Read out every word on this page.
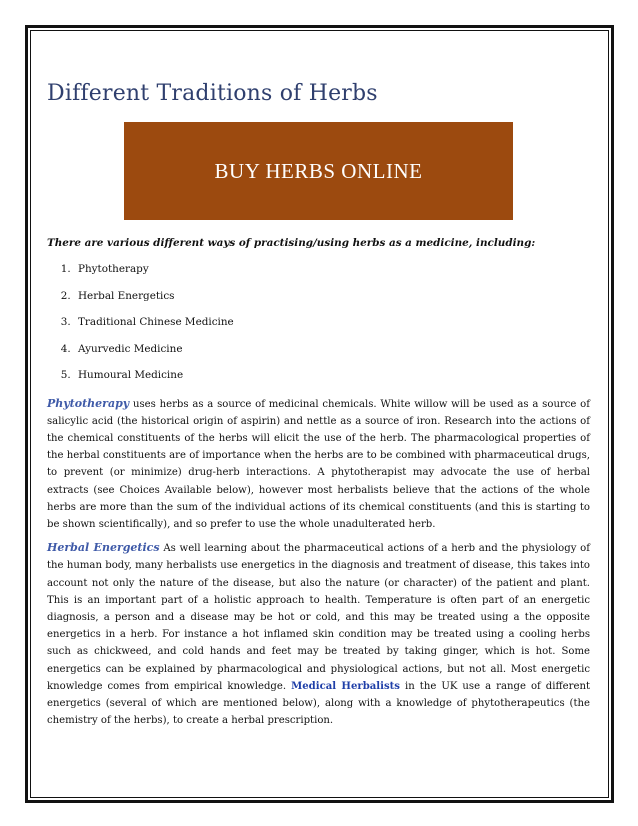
Different Traditions of Herbs
BUY HERBS ONLINE
There are various different ways of practising/using herbs as a medicine, including:
1. Phytotherapy
2. Herbal Energetics
3. Traditional Chinese Medicine
4. Ayurvedic Medicine
5. Humoural Medicine

Phytotherapy uses herbs as a source of medicinal chemicals. White willow will be used as a source of salicylic acid (the historical origin of aspirin) and nettle as a source of iron. Research into the actions of the chemical constituents of the herbs will elicit the use of the herb. The pharmacological properties of the herbal constituents are of importance when the herbs are to be combined with pharmaceutical drugs, to prevent (or minimize) drug-herb interactions. A phytotherapist may advocate the use of herbal extracts (see Choices Available below), however most herbalists believe that the actions of the whole herbs are more than the sum of the individual actions of its chemical constituents (and this is starting to be shown scientifically), and so prefer to use the whole unadulterated herb.

Herbal Energetics As well learning about the pharmaceutical actions of a herb and the physiology of the human body, many herbalists use energetics in the diagnosis and treatment of disease, this takes into account not only the nature of the disease, but also the nature (or character) of the patient and plant. This is an important part of a holistic approach to health. Temperature is often part of an energetic diagnosis, a person and a disease may be hot or cold, and this may be treated using a the opposite energetics in a herb. For instance a hot inflamed skin condition may be treated using a cooling herbs such as chickweed, and cold hands and feet may be treated by taking ginger, which is hot. Some energetics can be explained by pharmacological and physiological actions, but not all. Most energetic knowledge comes from empirical knowledge. Medical Herbalists in the UK use a range of different energetics (several of which are mentioned below), along with a knowledge of phytotherapeutics (the chemistry of the herbs), to create a herbal prescription.
